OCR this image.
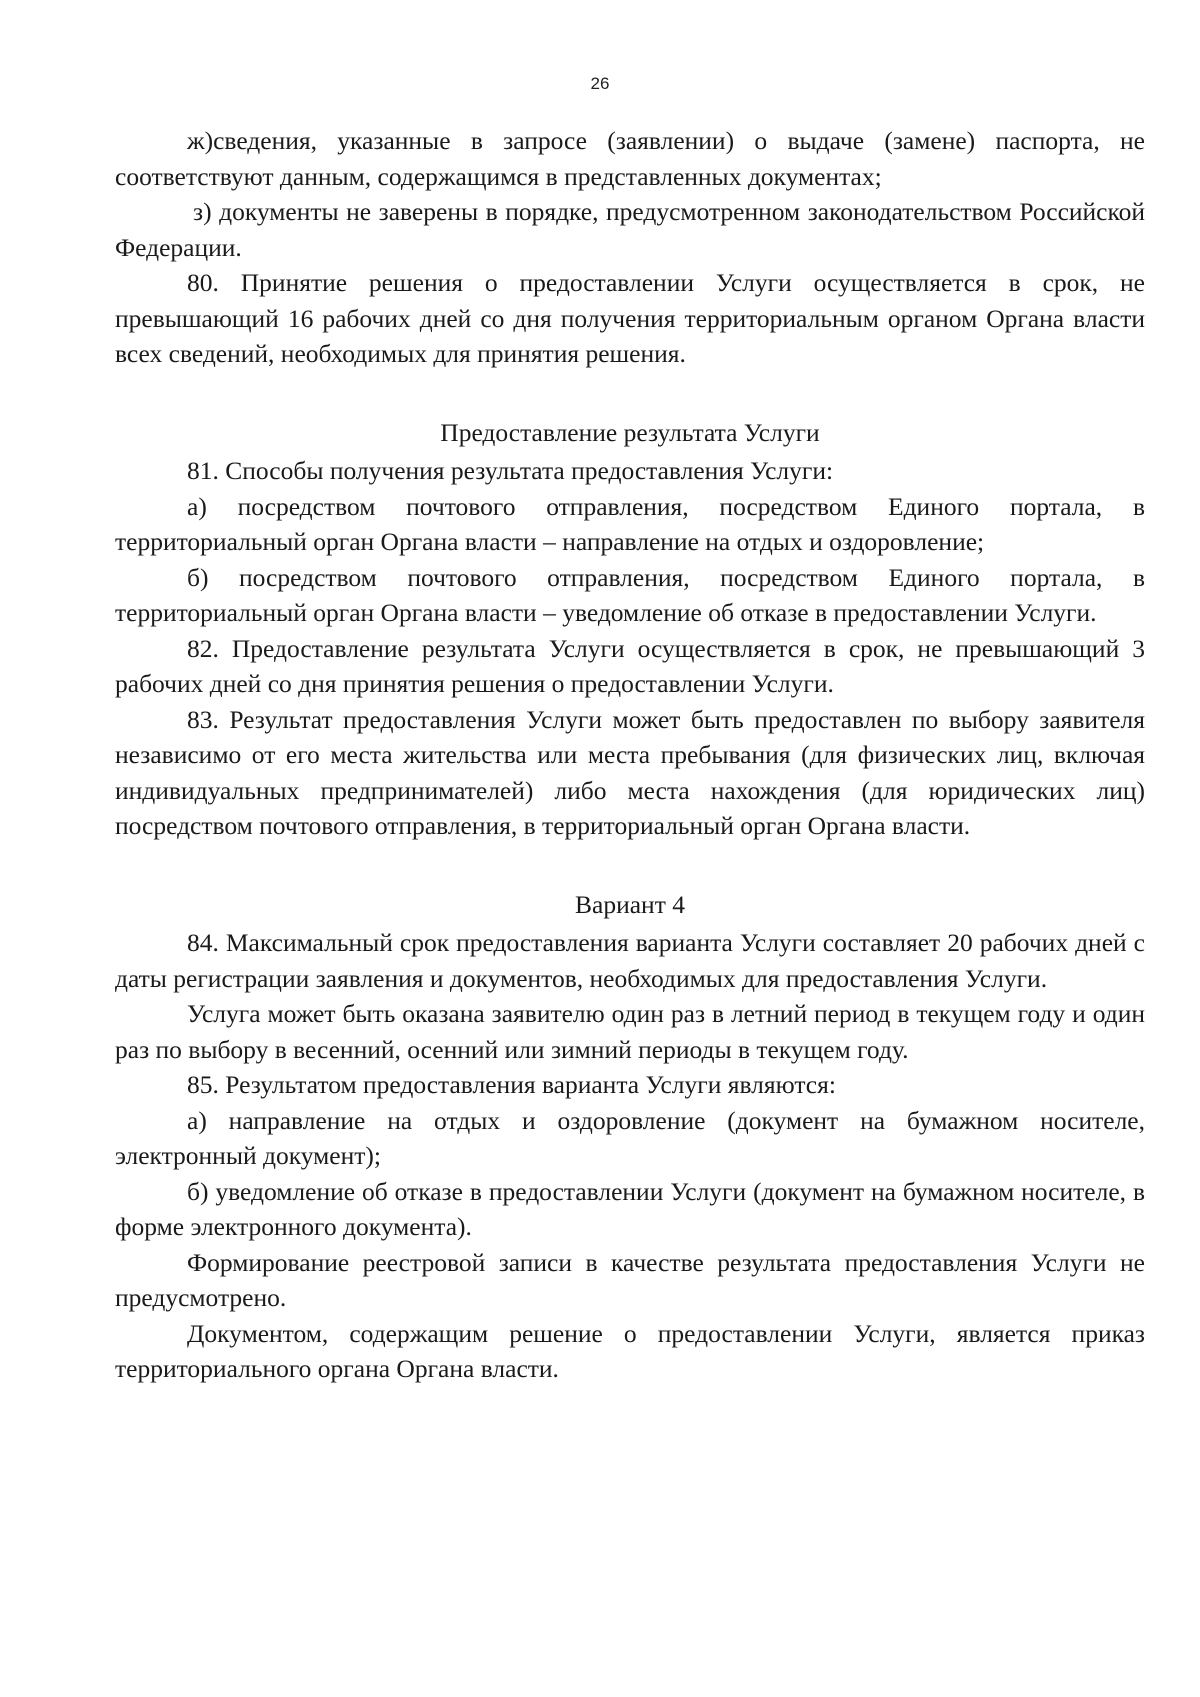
26

ж)сведения, указанные в запросе (заявлении) о выдаче (замене) паспорта, не соответствуют данным, содержащимся в представленных документах;

з) документы не заверены в порядке, предусмотренном законодательством Российской Федерации.

80. Принятие решения о предоставлении Услуги осуществляется в срок, не превышающий 16 рабочих дней со дня получения территориальным органом Органа власти всех сведений, необходимых для принятия решения.

Предоставление результата Услуги

81. Способы получения результата предоставления Услуги:

а) посредством почтового отправления, посредством Единого портала, в территориальный орган Органа власти – направление на отдых и оздоровление;

б) посредством почтового отправления, посредством Единого портала, в территориальный орган Органа власти – уведомление об отказе в предоставлении Услуги.

82. Предоставление результата Услуги осуществляется в срок, не превышающий 3 рабочих дней со дня принятия решения о предоставлении Услуги.

83. Результат предоставления Услуги может быть предоставлен по выбору заявителя независимо от его места жительства или места пребывания (для физических лиц, включая индивидуальных предпринимателей) либо места нахождения (для юридических лиц) посредством почтового отправления, в территориальный орган Органа власти.

Вариант 4

84. Максимальный срок предоставления варианта Услуги составляет 20 рабочих дней с даты регистрации заявления и документов, необходимых для предоставления Услуги.

Услуга может быть оказана заявителю один раз в летний период в текущем году и один раз по выбору в весенний, осенний или зимний периоды в текущем году.

85. Результатом предоставления варианта Услуги являются:

а) направление на отдых и оздоровление (документ на бумажном носителе, электронный документ);

б) уведомление об отказе в предоставлении Услуги (документ на бумажном носителе, в форме электронного документа).

Формирование реестровой записи в качестве результата предоставления Услуги не предусмотрено.

Документом, содержащим решение о предоставлении Услуги, является приказ территориального органа Органа власти.
